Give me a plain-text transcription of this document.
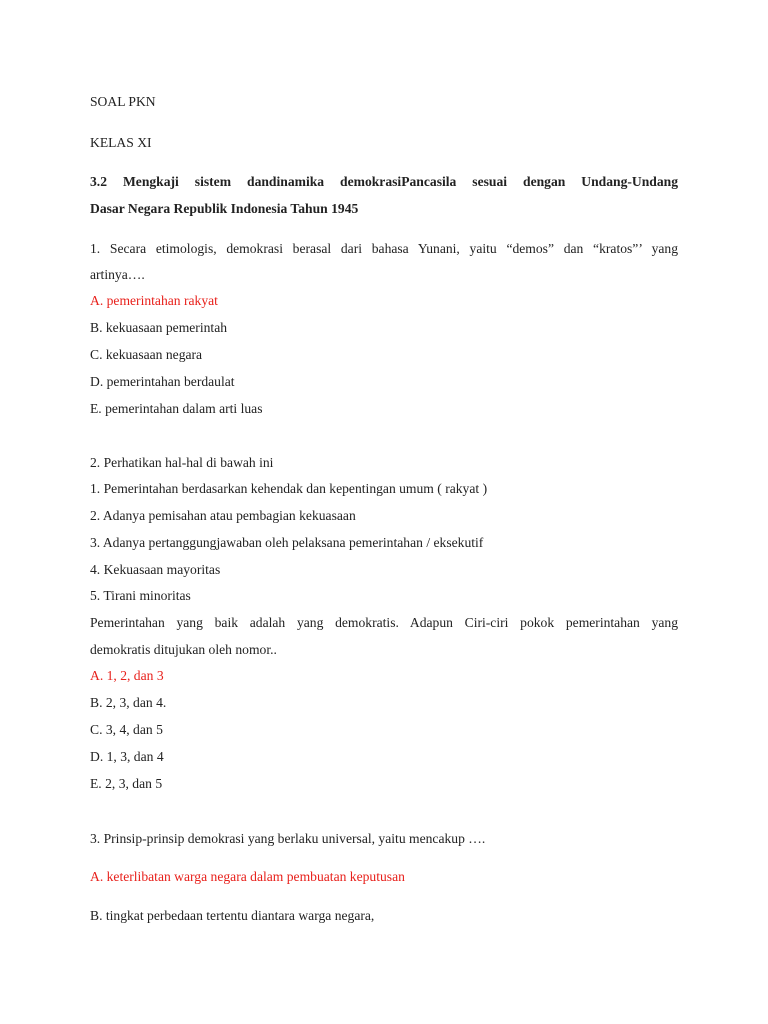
SOAL PKN
KELAS XI
3.2 Mengkaji sistem dandinamika demokrasiPancasila sesuai dengan Undang-Undang
Dasar Negara Republik Indonesia Tahun 1945
1. Secara etimologis, demokrasi berasal dari bahasa Yunani, yaitu “demos” dan “kratos”’ yang
artinya….
A. pemerintahan rakyat
B. kekuasaan pemerintah
C. kekuasaan negara
D. pemerintahan berdaulat
E. pemerintahan dalam arti luas
2. Perhatikan hal-hal di bawah ini
1. Pemerintahan berdasarkan kehendak dan kepentingan umum ( rakyat )
2. Adanya pemisahan atau pembagian kekuasaan
3. Adanya pertanggungjawaban oleh pelaksana pemerintahan / eksekutif
4. Kekuasaan mayoritas
5. Tirani minoritas
Pemerintahan yang baik adalah yang demokratis. Adapun Ciri-ciri pokok pemerintahan yang
demokratis ditujukan oleh nomor..
A. 1, 2, dan 3
B. 2, 3, dan 4.
C. 3, 4, dan 5
D. 1, 3, dan 4
E. 2, 3, dan 5
3. Prinsip-prinsip demokrasi yang berlaku universal, yaitu mencakup ….
A. keterlibatan warga negara dalam pembuatan keputusan
B. tingkat perbedaan tertentu diantara warga negara,
